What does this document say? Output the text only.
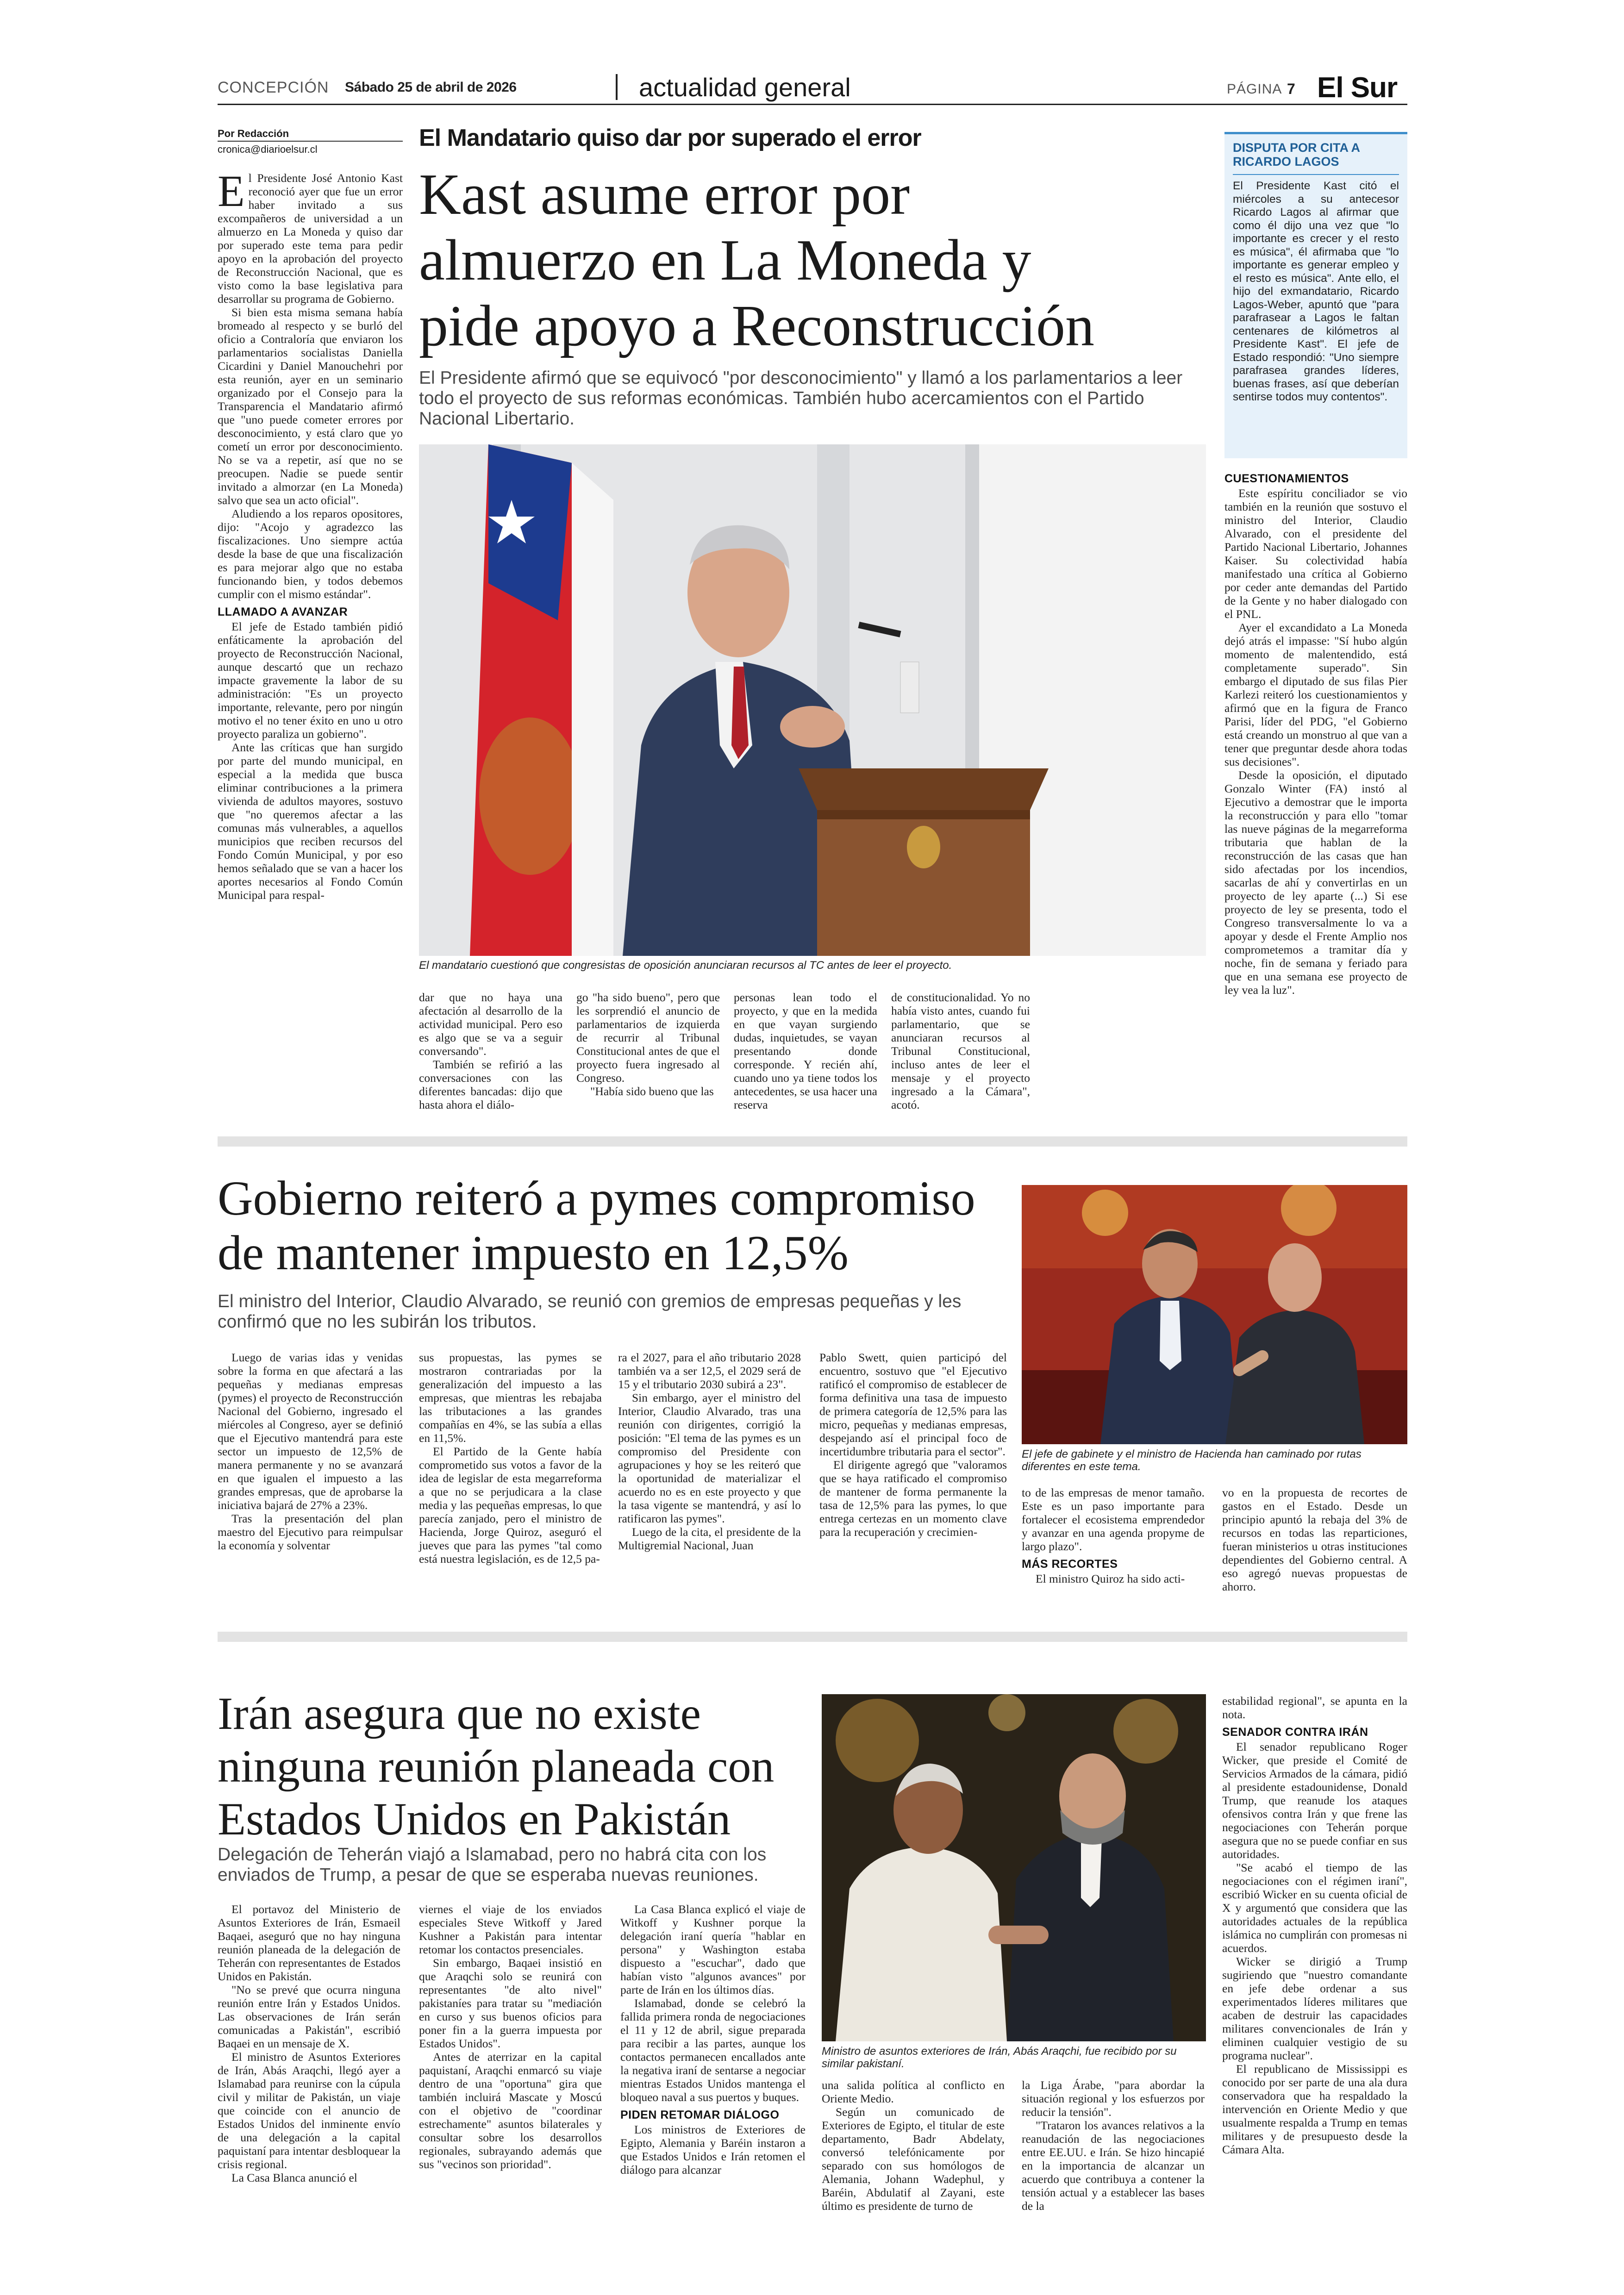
CONCEPCIÓN Sábado 25 de abril de 2026	actualidad general	PÁGINA 7 El Sur
Por Redacción
cronica@diarioelsur.cl	El Mandatario quiso dar por superado el error
Kast asume error por
almuerzo en La Moneda y
pide apoyo a Reconstrucción
El Presidente afirmó que se equivocó "por desconocimiento" y llamó a los parlamentarios a leer todo el proyecto de sus reformas económicas. También hubo acercamientos con el Partido Nacional Libertario.

El Presidente José Antonio Kast reconoció ayer que fue un error haber invitado a sus excompañeros de universidad a un almuerzo en La Moneda y quiso dar por superado este tema para pedir apoyo en la aprobación del proyecto de Reconstrucción Nacional, que es visto como la base legislativa para desarrollar su programa de Gobierno.

Si bien esta misma semana había bromeado al respecto y se burló del oficio a Contraloría que enviaron los parlamentarios socialistas Daniella Cicardini y Daniel Manouchehri por esta reunión, ayer en un seminario organizado por el Consejo para la Transparencia el Mandatario afirmó que "uno puede cometer errores por desconocimiento, y está claro que yo cometí un error por desconocimiento. No se va a repetir, así que no se preocupen. Nadie se puede sentir invitado a almorzar (en La Moneda) salvo que sea un acto oficial".

Aludiendo a los reparos opositores, dijo: "Acojo y agradezco las fiscalizaciones. Uno siempre actúa desde la base de que una fiscalización es para mejorar algo que no estaba funcionando bien, y todos debemos cumplir con el mismo estándar".

LLAMADO A AVANZAR

El jefe de Estado también pidió enfáticamente la aprobación del proyecto de Reconstrucción Nacional, aunque descartó que un rechazo impacte gravemente la labor de su administración: "Es un proyecto importante, relevante, pero por ningún motivo el no tener éxito en uno u otro proyecto paraliza un gobierno".

Ante las críticas que han surgido por parte del mundo municipal, en especial a la medida que busca eliminar contribuciones a la primera vivienda de adultos mayores, sostuvo que "no queremos afectar a las comunas más vulnerables, a aquellos municipios que reciben recursos del Fondo Común Municipal, y por eso hemos señalado que se van a hacer los aportes necesarios al Fondo Común Municipal para respal-

El mandatario cuestionó que congresistas de oposición anunciaran recursos al TC antes de leer el proyecto.

dar que no haya una afectación al desarrollo de la actividad municipal. Pero eso es algo que se va a seguir conversando".

También se refirió a las conversaciones con las diferentes bancadas: dijo que hasta ahora el diálo-

go "ha sido bueno", pero que les sorprendió el anuncio de parlamentarios de izquierda de recurrir al Tribunal Constitucional antes de que el proyecto fuera ingresado al Congreso.

"Había sido bueno que las

personas lean todo el proyecto, y que en la medida en que vayan surgiendo dudas, inquietudes, se vayan presentando donde corresponde. Y recién ahí, cuando uno ya tiene todos los antecedentes, se usa hacer una reserva

de constitucionalidad. Yo no había visto antes, cuando fui parlamentario, que se anunciaran recursos al Tribunal Constitucional, incluso antes de leer el mensaje y el proyecto ingresado a la Cámara", acotó.

DISPUTA POR CITA A RICARDO LAGOS
El Presidente Kast citó el miércoles a su antecesor Ricardo Lagos al afirmar que como él dijo una vez que "lo importante es crecer y el resto es música", él afirmaba que "lo importante es generar empleo y el resto es música". Ante ello, el hijo del exmandatario, Ricardo Lagos-Weber, apuntó que "para parafrasear a Lagos le faltan centenares de kilómetros al Presidente Kast". El jefe de Estado respondió: "Uno siempre parafrasea grandes líderes, buenas frases, así que deberían sentirse todos muy contentos".
CUESTIONAMIENTOS

Este espíritu conciliador se vio también en la reunión que sostuvo el ministro del Interior, Claudio Alvarado, con el presidente del Partido Nacional Libertario, Johannes Kaiser. Su colectividad había manifestado una crítica al Gobierno por ceder ante demandas del Partido de la Gente y no haber dialogado con el PNL.

Ayer el excandidato a La Moneda dejó atrás el impasse: "Sí hubo algún momento de malentendido, está completamente superado". Sin embargo el diputado de sus filas Pier Karlezi reiteró los cuestionamientos y afirmó que en la figura de Franco Parisi, líder del PDG, "el Gobierno está creando un monstruo al que van a tener que preguntar desde ahora todas sus decisiones".

Desde la oposición, el diputado Gonzalo Winter (FA) instó al Ejecutivo a demostrar que le importa la reconstrucción y para ello "tomar las nueve páginas de la megarreforma tributaria que hablan de la reconstrucción de las casas que han sido afectadas por los incendios, sacarlas de ahí y convertirlas en un proyecto de ley aparte (...) Si ese proyecto de ley se presenta, todo el Congreso transversalmente lo va a apoyar y desde el Frente Amplio nos comprometemos a tramitar día y noche, fin de semana y feriado para que en una semana ese proyecto de ley vea la luz".

Gobierno reiteró a pymes compromiso
de mantener impuesto en 12,5%
El ministro del Interior, Claudio Alvarado, se reunió con gremios de empresas pequeñas y les confirmó que no les subirán los tributos.
El jefe de gabinete y el ministro de Hacienda han caminado por rutas diferentes en este tema.

Luego de varias idas y venidas sobre la forma en que afectará a las pequeñas y medianas empresas (pymes) el proyecto de Reconstrucción Nacional del Gobierno, ingresado el miércoles al Congreso, ayer se definió que el Ejecutivo mantendrá para este sector un impuesto de 12,5% de manera permanente y no se avanzará en que igualen el impuesto a las grandes empresas, que de aprobarse la iniciativa bajará de 27% a 23%.

Tras la presentación del plan maestro del Ejecutivo para reimpulsar la economía y solventar

sus propuestas, las pymes se mostraron contrariadas por la generalización del impuesto a las empresas, que mientras les rebajaba las tributaciones a las grandes compañías en 4%, se las subía a ellas en 11,5%.

El Partido de la Gente había comprometido sus votos a favor de la idea de legislar de esta megarreforma a que no se perjudicara a la clase media y las pequeñas empresas, lo que parecía zanjado, pero el ministro de Hacienda, Jorge Quiroz, aseguró el jueves que para las pymes "tal como está nuestra legislación, es de 12,5 pa-

ra el 2027, para el año tributario 2028 también va a ser 12,5, el 2029 será de 15 y el tributario 2030 subirá a 23".

Sin embargo, ayer el ministro del Interior, Claudio Alvarado, tras una reunión con dirigentes, corrigió la posición: "El tema de las pymes es un compromiso del Presidente con agrupaciones y hoy se les reiteró que la oportunidad de materializar el acuerdo no es en este proyecto y que la tasa vigente se mantendrá, y así lo ratificaron las pymes".

Luego de la cita, el presidente de la Multigremial Nacional, Juan

Pablo Swett, quien participó del encuentro, sostuvo que "el Ejecutivo ratificó el compromiso de establecer de forma definitiva una tasa de impuesto de primera categoría de 12,5% para las micro, pequeñas y medianas empresas, despejando así el principal foco de incertidumbre tributaria para el sector".

El dirigente agregó que "valoramos que se haya ratificado el compromiso de mantener de forma permanente la tasa de 12,5% para las pymes, lo que entrega certezas en un momento clave para la recuperación y crecimien-

to de las empresas de menor tamaño. Este es un paso importante para fortalecer el ecosistema emprendedor y avanzar en una agenda propyme de largo plazo".

MÁS RECORTES

El ministro Quiroz ha sido acti-

vo en la propuesta de recortes de gastos en el Estado. Desde un principio apuntó la rebaja del 3% de recursos en todas las reparticiones, fueran ministerios u otras instituciones dependientes del Gobierno central. A eso agregó nuevas propuestas de ahorro.

Irán asegura que no existe
ninguna reunión planeada con
Estados Unidos en Pakistán
Delegación de Teherán viajó a Islamabad, pero no habrá cita con los enviados de Trump, a pesar de que se esperaba nuevas reuniones.
Ministro de asuntos exteriores de Irán, Abás Araqchi, fue recibido por su similar pakistaní.

El portavoz del Ministerio de Asuntos Exteriores de Irán, Esmaeil Baqaei, aseguró que no hay ninguna reunión planeada de la delegación de Teherán con representantes de Estados Unidos en Pakistán.

"No se prevé que ocurra ninguna reunión entre Irán y Estados Unidos. Las observaciones de Irán serán comunicadas a Pakistán", escribió Baqaei en un mensaje de X.

El ministro de Asuntos Exteriores de Irán, Abás Araqchi, llegó ayer a Islamabad para reunirse con la cúpula civil y militar de Pakistán, un viaje que coincide con el anuncio de Estados Unidos del inminente envío de una delegación a la capital paquistaní para intentar desbloquear la crisis regional.

La Casa Blanca anunció el

viernes el viaje de los enviados especiales Steve Witkoff y Jared Kushner a Pakistán para intentar retomar los contactos presenciales.

Sin embargo, Baqaei insistió en que Araqchi solo se reunirá con representantes "de alto nivel" pakistaníes para tratar su "mediación en curso y sus buenos oficios para poner fin a la guerra impuesta por Estados Unidos".

Antes de aterrizar en la capital paquistaní, Araqchi enmarcó su viaje dentro de una "oportuna" gira que también incluirá Mascate y Moscú con el objetivo de "coordinar estrechamente" asuntos bilaterales y consultar sobre los desarrollos regionales, subrayando además que sus "vecinos son prioridad".

La Casa Blanca explicó el viaje de Witkoff y Kushner porque la delegación iraní quería "hablar en persona" y Washington estaba dispuesto a "escuchar", dado que habían visto "algunos avances" por parte de Irán en los últimos días.

Islamabad, donde se celebró la fallida primera ronda de negociaciones el 11 y 12 de abril, sigue preparada para recibir a las partes, aunque los contactos permanecen encallados ante la negativa iraní de sentarse a negociar mientras Estados Unidos mantenga el bloqueo naval a sus puertos y buques.

PIDEN RETOMAR DIÁLOGO

Los ministros de Exteriores de Egipto, Alemania y Baréin instaron a que Estados Unidos e Irán retomen el diálogo para alcanzar

una salida política al conflicto en Oriente Medio.

Según un comunicado de Exteriores de Egipto, el titular de este departamento, Badr Abdelaty, conversó telefónicamente por separado con sus homólogos de Alemania, Johann Wadephul, y Baréin, Abdulatif al Zayani, este último es presidente de turno de

la Liga Árabe, "para abordar la situación regional y los esfuerzos por reducir la tensión".

"Trataron los avances relativos a la reanudación de las negociaciones entre EE.UU. e Irán. Se hizo hincapié en la importancia de alcanzar un acuerdo que contribuya a contener la tensión actual y a establecer las bases de la

estabilidad regional", se apunta en la nota.

SENADOR CONTRA IRÁN

El senador republicano Roger Wicker, que preside el Comité de Servicios Armados de la cámara, pidió al presidente estadounidense, Donald Trump, que reanude los ataques ofensivos contra Irán y que frene las negociaciones con Teherán porque asegura que no se puede confiar en sus autoridades.

"Se acabó el tiempo de las negociaciones con el régimen iraní", escribió Wicker en su cuenta oficial de X y argumentó que considera que las autoridades actuales de la república islámica no cumplirán con promesas ni acuerdos.

Wicker se dirigió a Trump sugiriendo que "nuestro comandante en jefe debe ordenar a sus experimentados líderes militares que acaben de destruir las capacidades militares convencionales de Irán y eliminen cualquier vestigio de su programa nuclear".

El republicano de Mississippi es conocido por ser parte de una ala dura conservadora que ha respaldado la intervención en Oriente Medio y que usualmente respalda a Trump en temas militares y de presupuesto desde la Cámara Alta.
